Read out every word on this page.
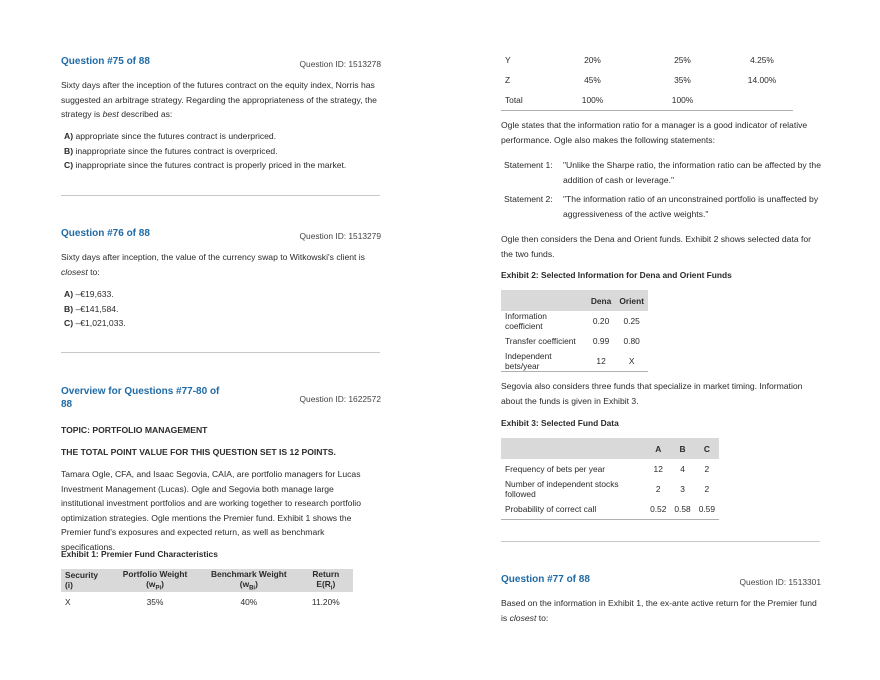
Question #75 of 88	Question ID: 1513278
Sixty days after the inception of the futures contract on the equity index, Norris has suggested an arbitrage strategy. Regarding the appropriateness of the strategy, the strategy is best described as:
A) appropriate since the futures contract is underpriced.
B) inappropriate since the futures contract is overpriced.
C) inappropriate since the futures contract is properly priced in the market.
Question #76 of 88	Question ID: 1513279
Sixty days after inception, the value of the currency swap to Witkowski's client is closest to:
A) –€19,633.
B) –€141,584.
C) –€1,021,033.
Overview for Questions #77-80 of
88	Question ID: 1622572
TOPIC: PORTFOLIO MANAGEMENT
THE TOTAL POINT VALUE FOR THIS QUESTION SET IS 12 POINTS.
Tamara Ogle, CFA, and Isaac Segovia, CAIA, are portfolio managers for Lucas Investment Management (Lucas). Ogle and Segovia both manage large institutional investment portfolios and are working together to research portfolio optimization strategies. Ogle mentions the Premier fund. Exhibit 1 shows the Premier fund's exposures and expected return, as well as benchmark specifications.
Exhibit 1: Premier Fund Characteristics
Security (i)	Portfolio Weight $(w_{Pi})$	Benchmark Weight $(w_{Bi})$	Return $E(R_i)$
X	35%	40%	11.20%
Y	20%	25%	4.25%
Z	45%	35%	14.00%
Total	100%	100%	
Ogle states that the information ratio for a manager is a good indicator of relative performance. Ogle also makes the following statements:
Statement 1:	"Unlike the Sharpe ratio, the information ratio can be affected by the addition of cash or leverage."
Statement 2:	"The information ratio of an unconstrained portfolio is unaffected by aggressiveness of the active weights."
Ogle then considers the Dena and Orient funds. Exhibit 2 shows selected data for the two funds.
Exhibit 2: Selected Information for Dena and Orient Funds
	Dena	Orient
Information coefficient	0.20	0.25
Transfer coefficient	0.99	0.80
Independent bets/year	12	X
Segovia also considers three funds that specialize in market timing. Information about the funds is given in Exhibit 3.
Exhibit 3: Selected Fund Data
	A	B	C
Frequency of bets per year	12	4	2
Number of independent stocks followed	2	3	2
Probability of correct call	0.52	0.58	0.59
Question #77 of 88	Question ID: 1513301
Based on the information in Exhibit 1, the ex-ante active return for the Premier fund is closest to:
